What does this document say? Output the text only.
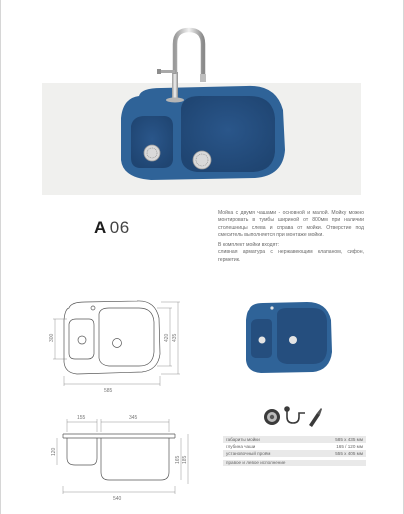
A 06

Мойка с двумя чашами - основной и малой. Мойку можно монтировать в тумбы шириной от 800мм при наличии столешницы слева и справа от мойки. Отверстие под смеситель выполняется при монтаже мойки.

В комплект мойки входят:

сливная арматура с нержавеющим клапаном, сифон, герметик.

300	420 435
585
155	345
120
165 185
540
габариты мойки	585 х 435 мм
глубина чаши	165 / 120 мм
установочный проём	555 х 405 мм
правое и левое исполнение
